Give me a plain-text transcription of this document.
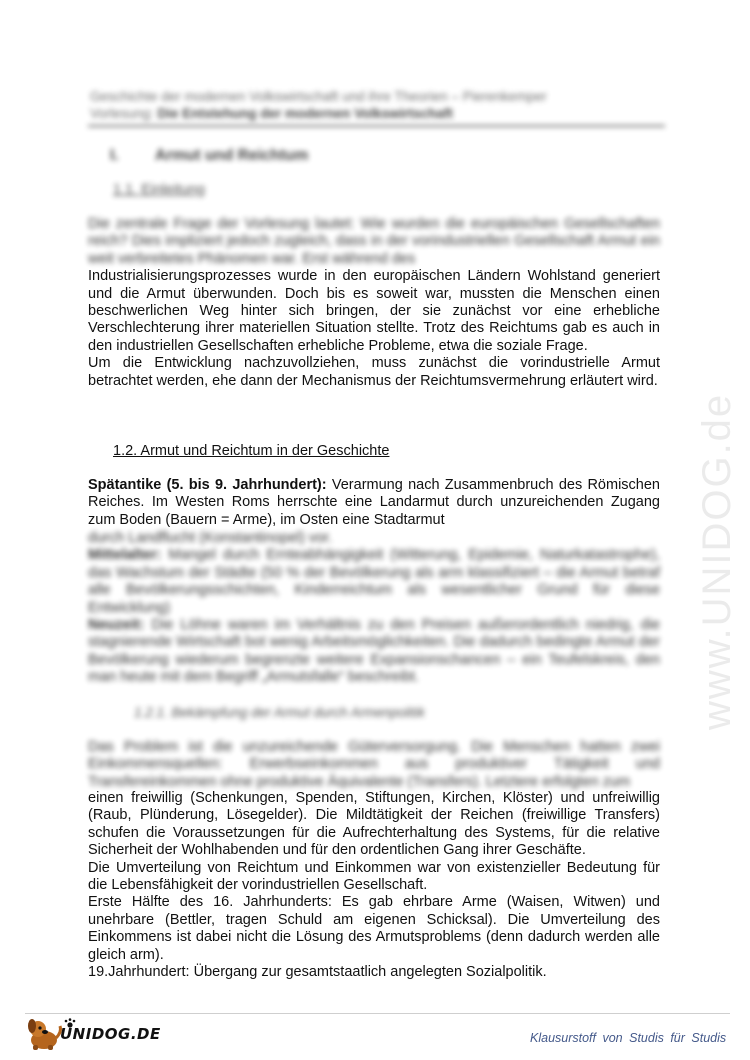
www.UNIDOG.de
Geschichte der modernen Volkswirtschaft und ihre Theorien – Pierenkemper
Vorlesung: Die Entstehung der modernen Volkswirtschaft
I. Armut und Reichtum
1.1. Einleitung

Die zentrale Frage der Vorlesung lautet: Wie wurden die europäischen Gesellschaften reich? Dies impliziert jedoch zugleich, dass in der vorindustriellen Gesellschaft Armut ein weit verbreitetes Phänomen war. Erst während des

Industrialisierungsprozesses wurde in den europäischen Ländern Wohlstand generiert und die Armut überwunden. Doch bis es soweit war, mussten die Menschen einen beschwerlichen Weg hinter sich bringen, der sie zunächst vor eine erhebliche Verschlechterung ihrer materiellen Situation stellte. Trotz des Reichtums gab es auch in den industriellen Gesellschaften erhebliche Probleme, etwa die soziale Frage.

Um die Entwicklung nachzuvollziehen, muss zunächst die vorindustrielle Armut betrachtet werden, ehe dann der Mechanismus der Reichtumsvermehrung erläutert wird.

1.2. Armut und Reichtum in der Geschichte

Spätantike (5. bis 9. Jahrhundert): Verarmung nach Zusammenbruch des Römischen Reiches. Im Westen Roms herrschte eine Landarmut durch unzureichenden Zugang zum Boden (Bauern = Arme), im Osten eine Stadtarmut

durch Landflucht (Konstantinopel) vor.

Mittelalter: Mangel durch Ernteabhängigkeit (Witterung, Epidemie, Naturkatastrophe), das Wachstum der Städte (50 % der Bevölkerung als arm klassifiziert – die Armut betraf alle Bevölkerungsschichten, Kinderreichtum als wesentlicher Grund für diese Entwicklung)

Neuzeit: Die Löhne waren im Verhältnis zu den Preisen außerordentlich niedrig, die stagnierende Wirtschaft bot wenig Arbeitsmöglichkeiten. Die dadurch bedingte Armut der Bevölkerung wiederum begrenzte weitere Expansionschancen – ein Teufelskreis, den man heute mit dem Begriff „Armutsfalle“ beschreibt.

1.2.1. Bekämpfung der Armut durch Armenpolitik

Das Problem ist die unzureichende Güterversorgung. Die Menschen hatten zwei Einkommensquellen: Erwerbseinkommen aus produktiver Tätigkeit und Transfereinkommen ohne produktive Äquivalente (Transfers). Letztere erfolgten zum

einen freiwillig (Schenkungen, Spenden, Stiftungen, Kirchen, Klöster) und unfreiwillig (Raub, Plünderung, Lösegelder). Die Mildtätigkeit der Reichen (freiwillige Transfers) schufen die Voraussetzungen für die Aufrechterhaltung des Systems, für die relative Sicherheit der Wohlhabenden und für den ordentlichen Gang ihrer Geschäfte.

Die Umverteilung von Reichtum und Einkommen war von existenzieller Bedeutung für die Lebensfähigkeit der vorindustriellen Gesellschaft.

Erste Hälfte des 16. Jahrhunderts: Es gab ehrbare Arme (Waisen, Witwen) und unehrbare (Bettler, tragen Schuld am eigenen Schicksal). Die Umverteilung des Einkommens ist dabei nicht die Lösung des Armutsproblems (denn dadurch werden alle gleich arm).

19.Jahrhundert: Übergang zur gesamtstaatlich angelegten Sozialpolitik.

UNIDOG.DE	Klausurstoff von Studis für Studis
